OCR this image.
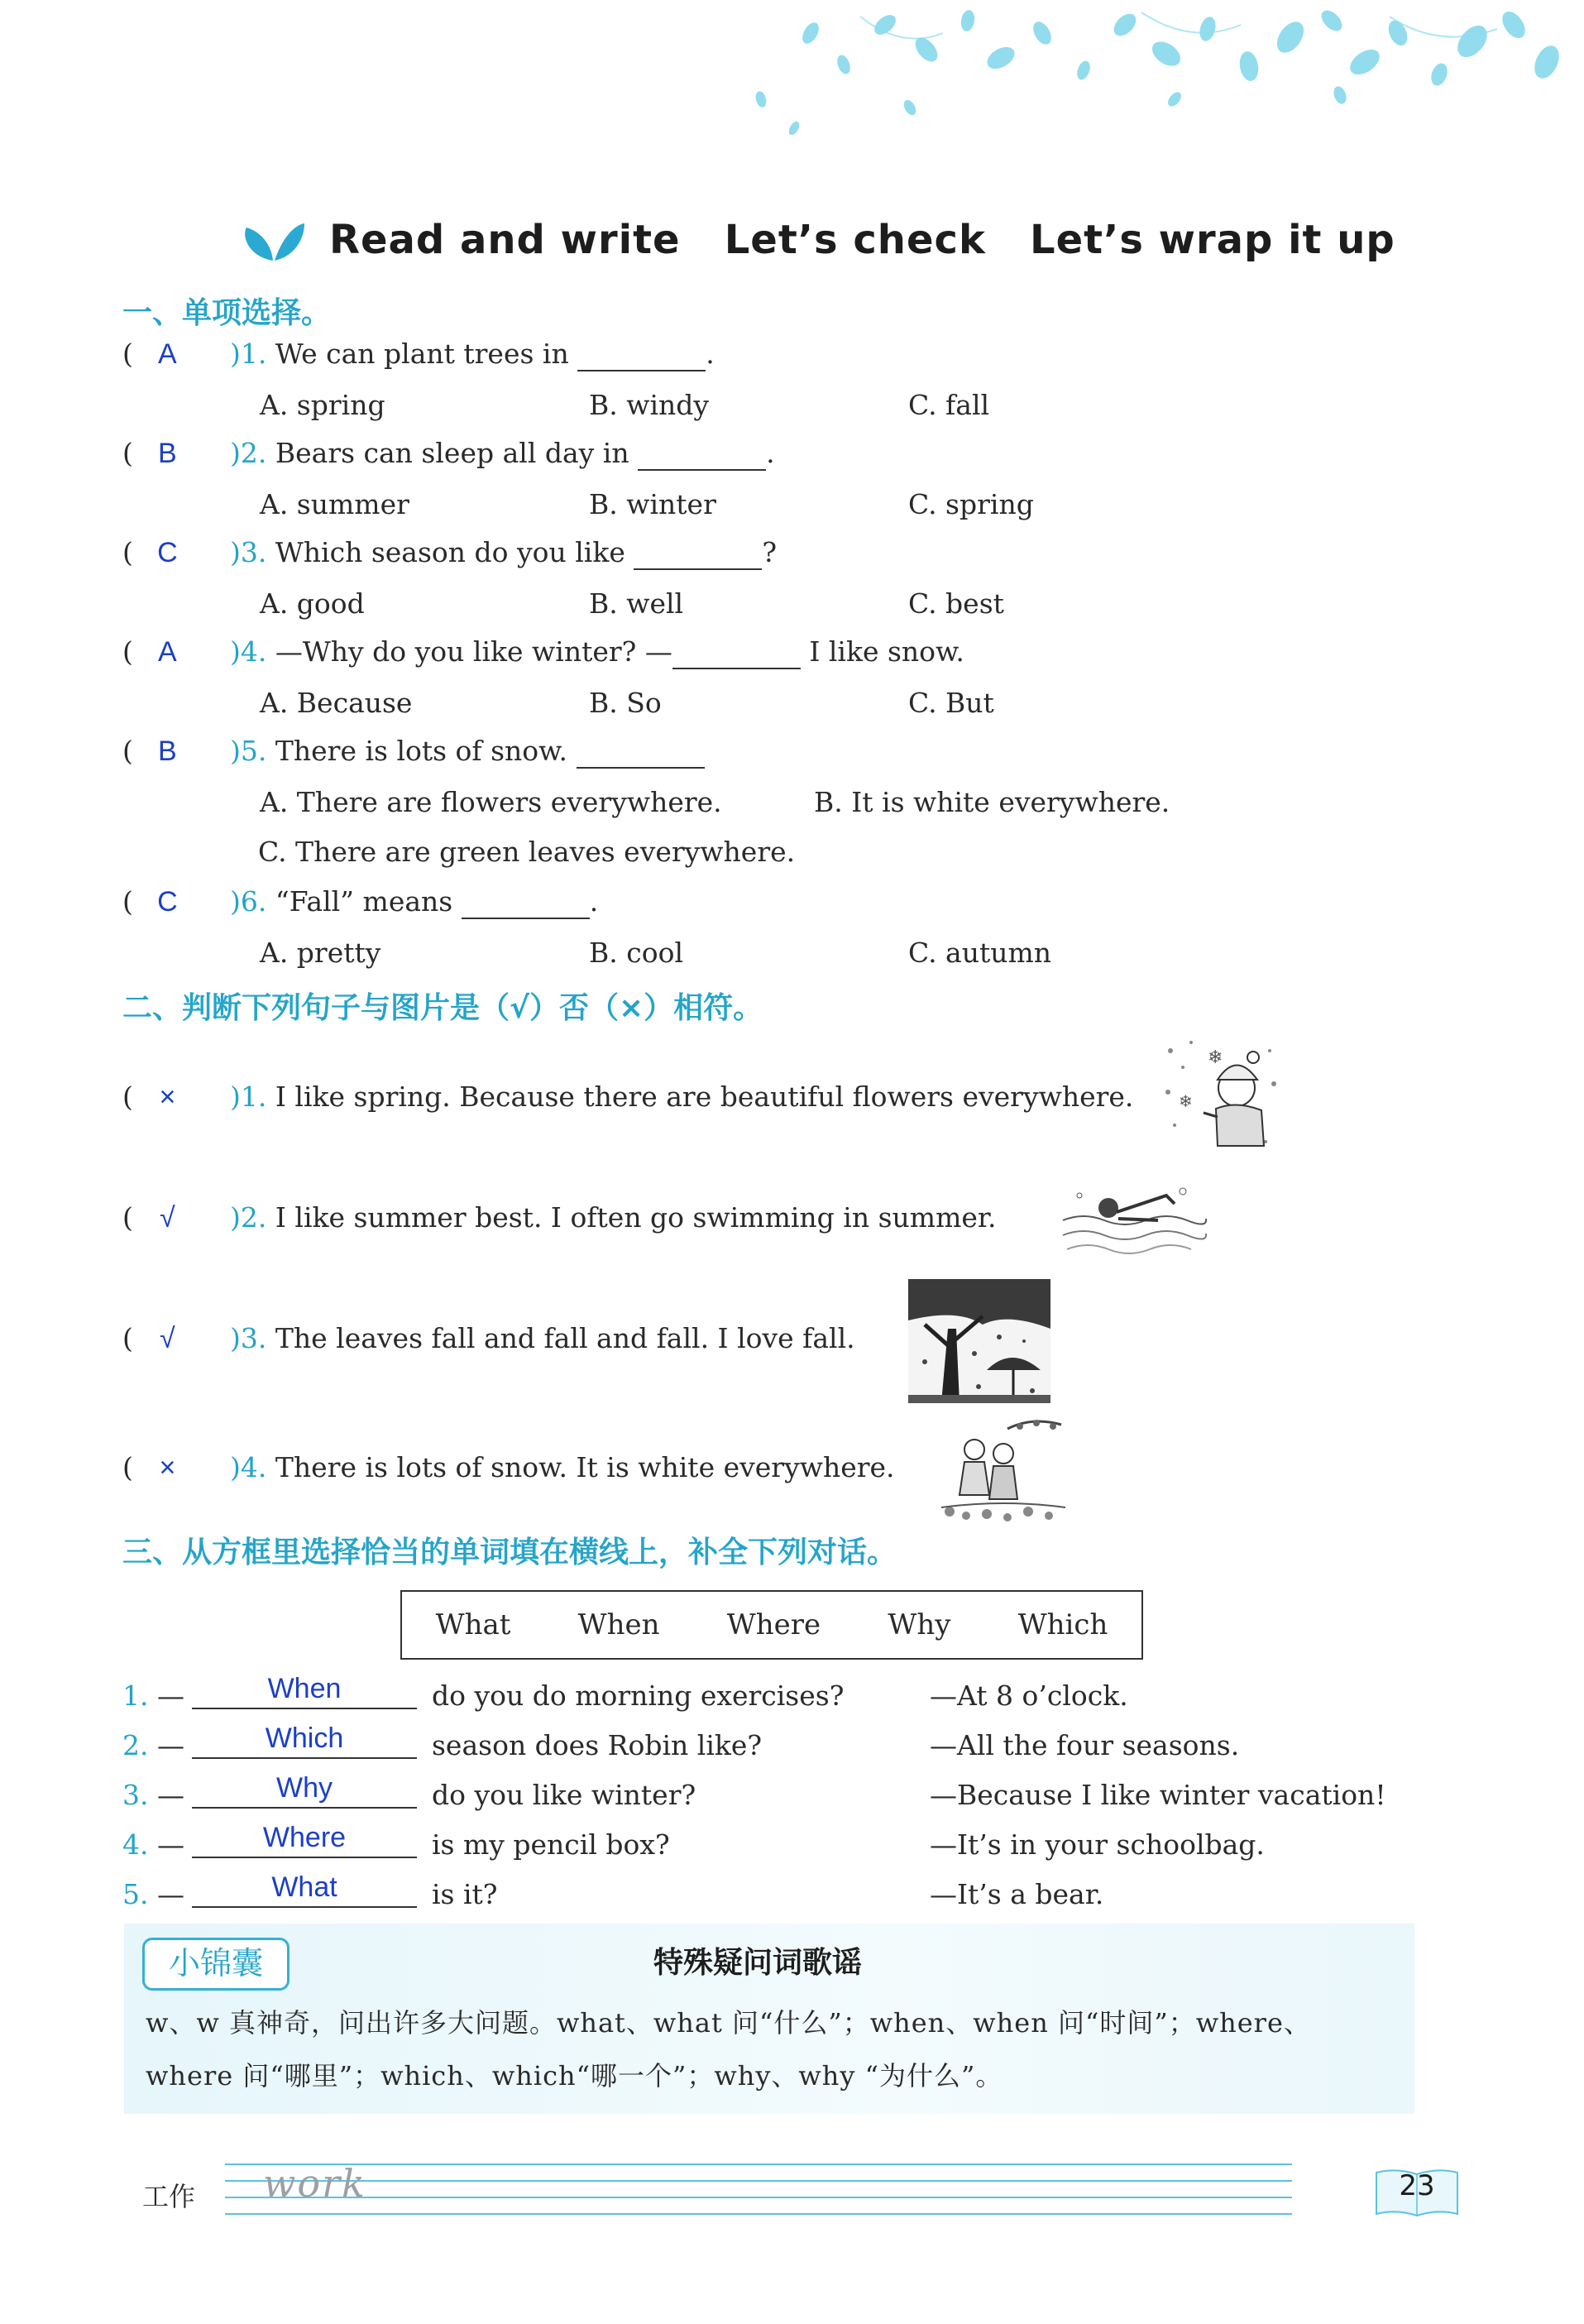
Read and write   Let’s check   Let’s wrap it up
一、单项选择。
( A )1. We can plant trees in	.
A. spring	B. windy	C. fall
( B )2. Bears can sleep all day in	.
A. summer	B. winter	C. spring
( C )3. Which season do you like	?
A. good	B. well	C. best
( A )4. —Why do you like winter? —	I like snow.
A. Because	B. So	C. But
( B )5. There is lots of snow.
A. There are flowers everywhere.	B. It is white everywhere.
C. There are green leaves everywhere.
( C )6. “Fall” means	.
A. pretty	B. cool	C. autumn
二、判断下列句子与图片是（√）否（×）相符。
( × )1. I like spring. Because there are beautiful flowers everywhere.
( √ )2. I like summer best. I often go swimming in summer.
( √ )3. The leaves fall and fall and fall. I love fall.
( × )4. There is lots of snow. It is white everywhere.
❄
❄
三、从方框里选择恰当的单词填在横线上，补全下列对话。
What When Where Why Which
1. —	When	do you do morning exercises?	—At 8 o’clock.
2. —	Which	season does Robin like?	—All the four seasons.
3. —	Why	do you like winter?	—Because I like winter vacation!
4. —	Where	is my pencil box?	—It’s in your schoolbag.
5. —	What	is it?	—It’s a bear.
小锦囊	特殊疑问词歌谣
w、w 真神奇，问出许多大问题。what、what 问“什么”；when、when 问“时间”；where、
where 问“哪里”；which、which“哪一个”；why、why “为什么”。
工作 work	23
